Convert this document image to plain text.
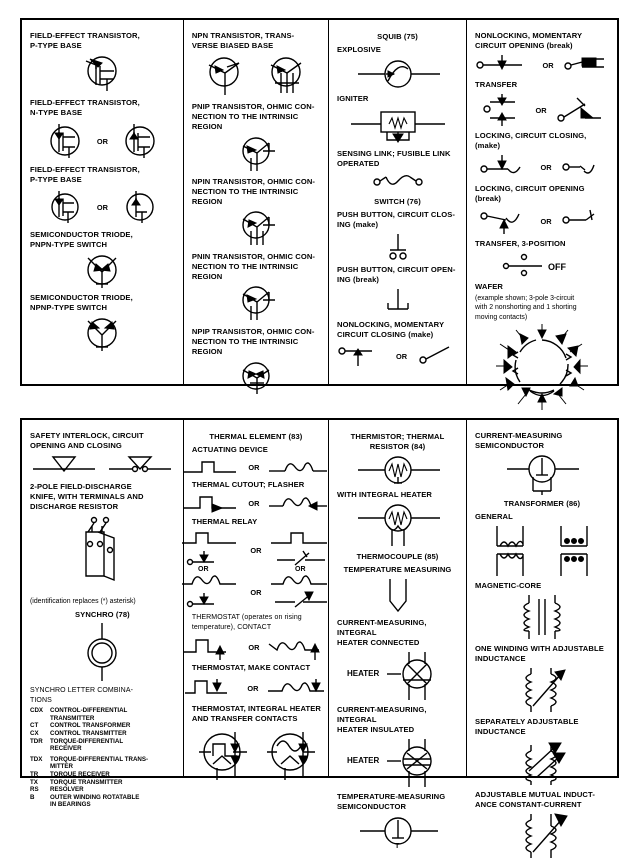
FIELD-EFFECT TRANSISTOR,
P-TYPE BASE
FIELD-EFFECT TRANSISTOR,
N-TYPE BASE
OR
FIELD-EFFECT TRANSISTOR,
P-TYPE BASE
OR
SEMICONDUCTOR TRIODE,
PNPN-TYPE SWITCH
SEMICONDUCTOR TRIODE,
NPNP-TYPE SWITCH
NPN TRANSISTOR, TRANS-
VERSE BIASED BASE
PNIP TRANSISTOR, OHMIC CON-
NECTION TO THE INTRINSIC
REGION
NPIN TRANSISTOR, OHMIC CON-
NECTION TO THE INTRINSIC
REGION
PNIN TRANSISTOR, OHMIC CON-
NECTION TO THE INTRINSIC
REGION
NPIP TRANSISTOR, OHMIC CON-
NECTION TO THE INTRINSIC
REGION
SQUIB (75)
EXPLOSIVE
IGNITER
SENSING LINK; FUSIBLE LINK
OPERATED
SWITCH (76)
PUSH BUTTON, CIRCUIT CLOS-
ING (make)
PUSH BUTTON, CIRCUIT OPEN-
ING (break)
NONLOCKING, MOMENTARY
CIRCUIT CLOSING (make)
OR
NONLOCKING, MOMENTARY
CIRCUIT OPENING (break)
OR
TRANSFER
OR
LOCKING, CIRCUIT CLOSING,
(make)
OR
LOCKING, CIRCUIT OPENING
(break)
OR
TRANSFER, 3-POSITION
OFF
WAFER
(example shown; 3-pole 3-circuit
with 2 nonshorting and 1 shorting
moving contacts)
SAFETY INTERLOCK, CIRCUIT
OPENING AND CLOSING
2-POLE FIELD-DISCHARGE
KNIFE, WITH TERMINALS AND
DISCHARGE RESISTOR
(identification replaces (*) asterisk)
SYNCHRO (78)
SYNCHRO LETTER COMBINA-
TIONS
CDX	CONTROL-DIFFERENTIAL
TRANSMITTER
CT	CONTROL TRANSFORMER
CX	CONTROL TRANSMITTER
TDR	TORQUE-DIFFERENTIAL
RECEIVER
TDX	TORQUE-DIFFERENTIAL TRANS-
MITTER
TR	TORQUE RECEIVER
TX	TORQUE TRANSMITTER
RS	RESOLVER
B	OUTER WINDING ROTATABLE
IN BEARINGS
THERMAL ELEMENT (83)
ACTUATING DEVICE
OR
THERMAL CUTOUT; FLASHER
OR
THERMAL RELAY
OR
OR
OR
OR
THERMOSTAT (operates on rising
temperature), CONTACT
OR
THERMOSTAT, MAKE CONTACT
OR
THERMOSTAT, INTEGRAL HEATER
AND TRANSFER CONTACTS
THERMISTOR; THERMAL
RESISTOR (84)
WITH INTEGRAL HEATER
THERMOCOUPLE (85)
TEMPERATURE MEASURING
CURRENT-MEASURING, INTEGRAL
HEATER CONNECTED
HEATER
CURRENT-MEASURING, INTEGRAL
HEATER INSULATED
HEATER
TEMPERATURE-MEASURING
SEMICONDUCTOR
T
CURRENT-MEASURING
SEMICONDUCTOR
TRANSFORMER (86)
GENERAL
MAGNETIC-CORE
ONE WINDING WITH ADJUSTABLE
INDUCTANCE
SEPARATELY ADJUSTABLE
INDUCTANCE
ADJUSTABLE MUTUAL INDUCT-
ANCE CONSTANT-CURRENT
